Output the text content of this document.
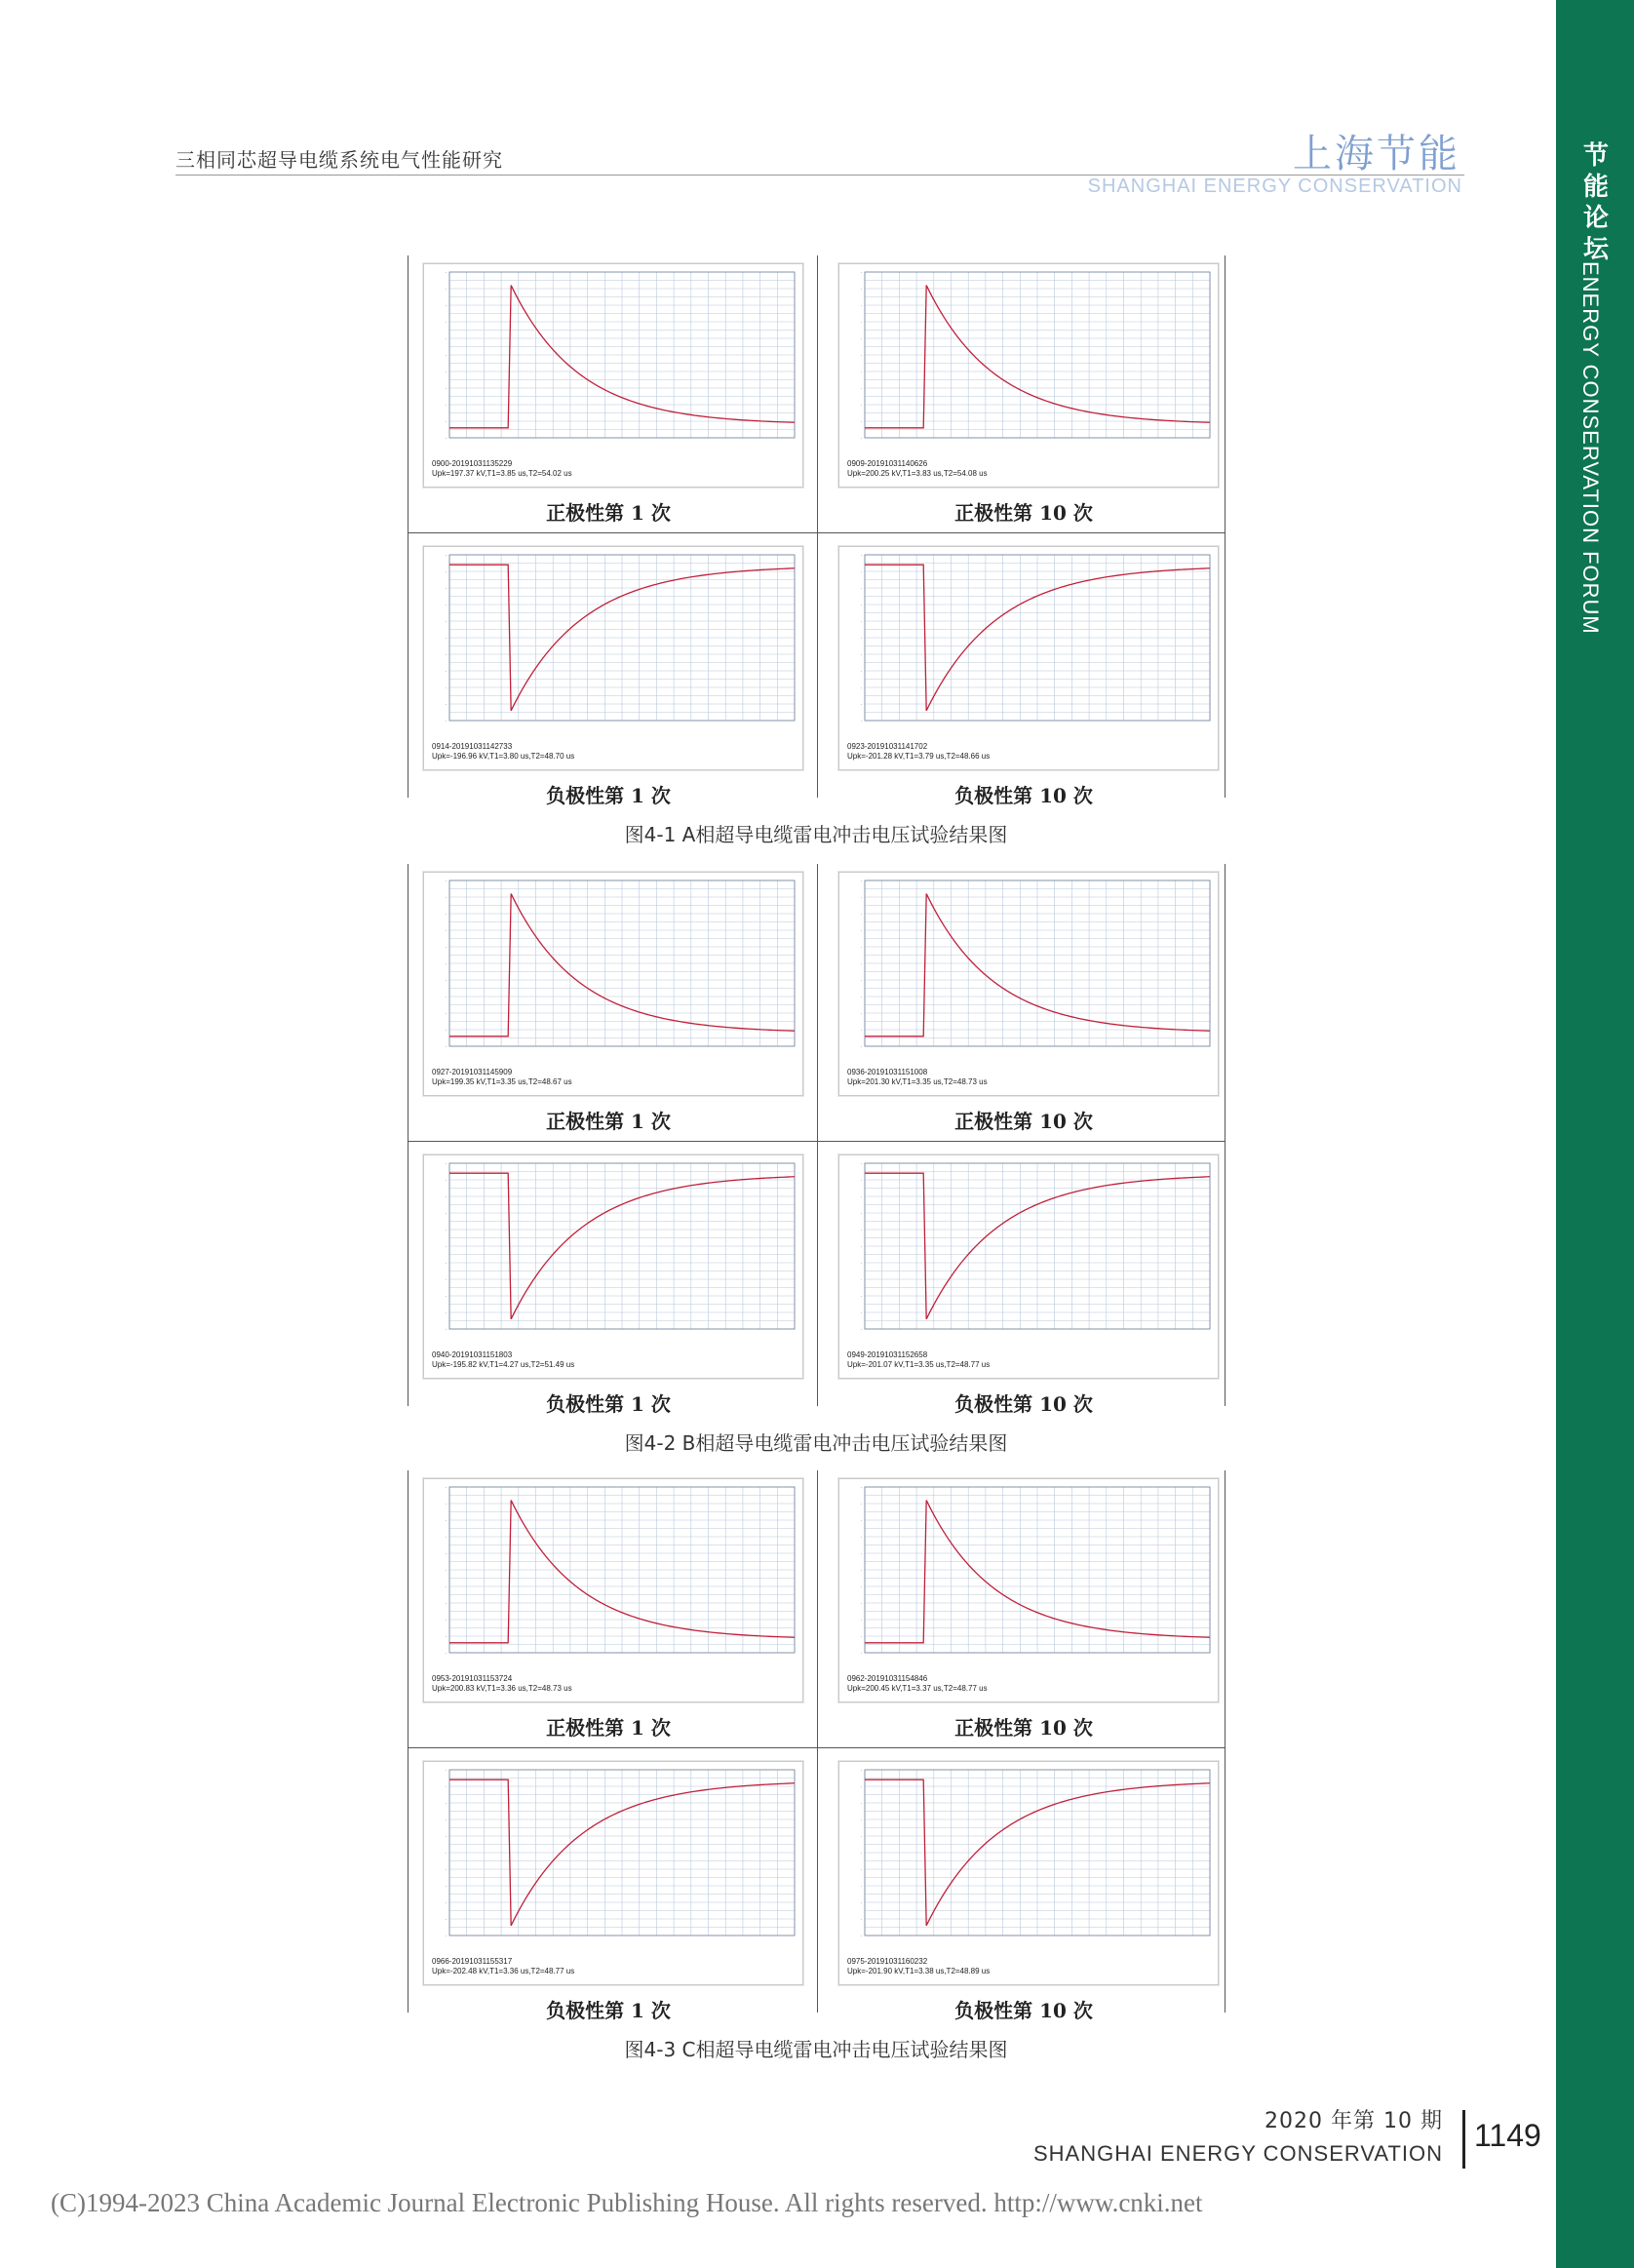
三相同芯超导电缆系统电气性能研究	上海节能
SHANGHAI ENERGY CONSERVATION
节能论坛
ENERGY CONSERVATION FORUM
·
·
·
·
·
·
·
·
·
·
·
0900-20191031135229
Upk=197.37 kV,T1=3.85 us,T2=54.02 us
正极性第 1 次
·
·
·
·
·
·
·
·
·
·
·
0909-20191031140626
Upk=200.25 kV,T1=3.83 us,T2=54.08 us
正极性第 10 次
·
·
·
·
·
·
·
·
·
·
·
0914-20191031142733
Upk=-196.96 kV,T1=3.80 us,T2=48.70 us
负极性第 1 次
·
·
·
·
·
·
·
·
·
·
·
0923-20191031141702
Upk=-201.28 kV,T1=3.79 us,T2=48.66 us
负极性第 10 次
图4-1 A相超导电缆雷电冲击电压试验结果图
·
·
·
·
·
·
·
·
·
·
·
0927-20191031145909
Upk=199.35 kV,T1=3.35 us,T2=48.67 us
正极性第 1 次
·
·
·
·
·
·
·
·
·
·
·
0936-20191031151008
Upk=201.30 kV,T1=3.35 us,T2=48.73 us
正极性第 10 次
·
·
·
·
·
·
·
·
·
·
·
0940-20191031151803
Upk=-195.82 kV,T1=4.27 us,T2=51.49 us
负极性第 1 次
·
·
·
·
·
·
·
·
·
·
·
0949-20191031152658
Upk=-201.07 kV,T1=3.35 us,T2=48.77 us
负极性第 10 次
图4-2 B相超导电缆雷电冲击电压试验结果图
·
·
·
·
·
·
·
·
·
·
·
0953-20191031153724
Upk=200.83 kV,T1=3.36 us,T2=48.73 us
正极性第 1 次
·
·
·
·
·
·
·
·
·
·
·
0962-20191031154846
Upk=200.45 kV,T1=3.37 us,T2=48.77 us
正极性第 10 次
·
·
·
·
·
·
·
·
·
·
·
0966-20191031155317
Upk=-202.48 kV,T1=3.36 us,T2=48.77 us
负极性第 1 次
·
·
·
·
·
·
·
·
·
·
·
0975-20191031160232
Upk=-201.90 kV,T1=3.38 us,T2=48.89 us
负极性第 10 次
图4-3 C相超导电缆雷电冲击电压试验结果图
2020 年第 10 期
SHANGHAI ENERGY CONSERVATION
1149
(C)1994-2023 China Academic Journal Electronic Publishing House. All rights reserved. http://www.cnki.net
